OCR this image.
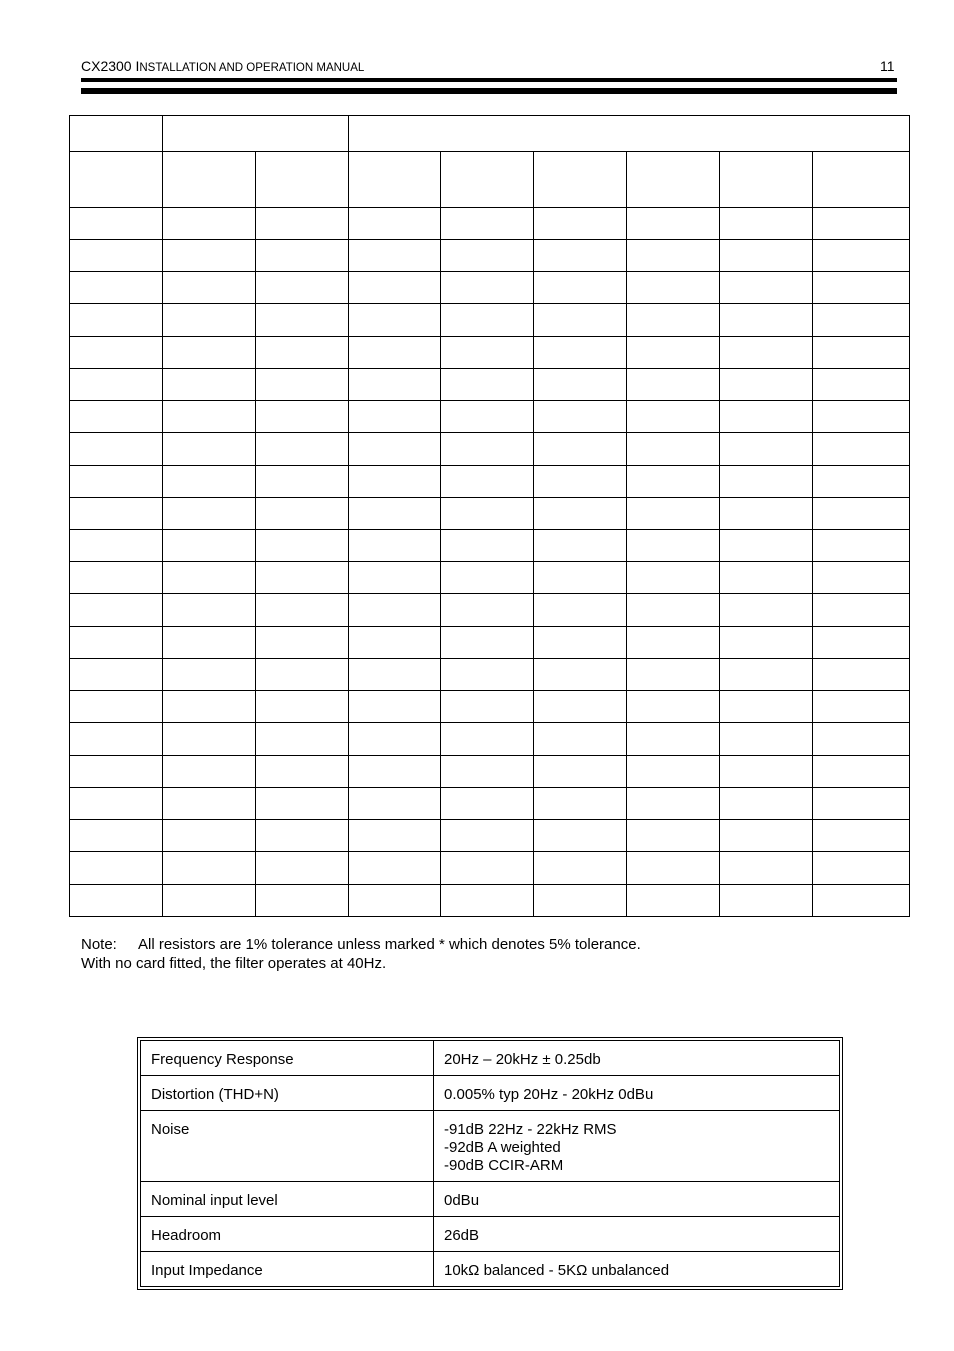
CX2300 INSTALLATION AND OPERATION MANUAL	11

Note: All resistors are 1% tolerance unless marked * which denotes 5% tolerance.
With no card fitted, the filter operates at 40Hz.
Frequency Response	20Hz – 20kHz ± 0.25db

Distortion (THD+N)	0.005% typ 20Hz - 20kHz 0dBu

Noise	-91dB 22Hz - 22kHz RMS
-92dB A weighted
-90dB CCIR-ARM

Nominal input level	0dBu

Headroom	26dB

Input Impedance	10kΩ balanced - 5KΩ unbalanced
